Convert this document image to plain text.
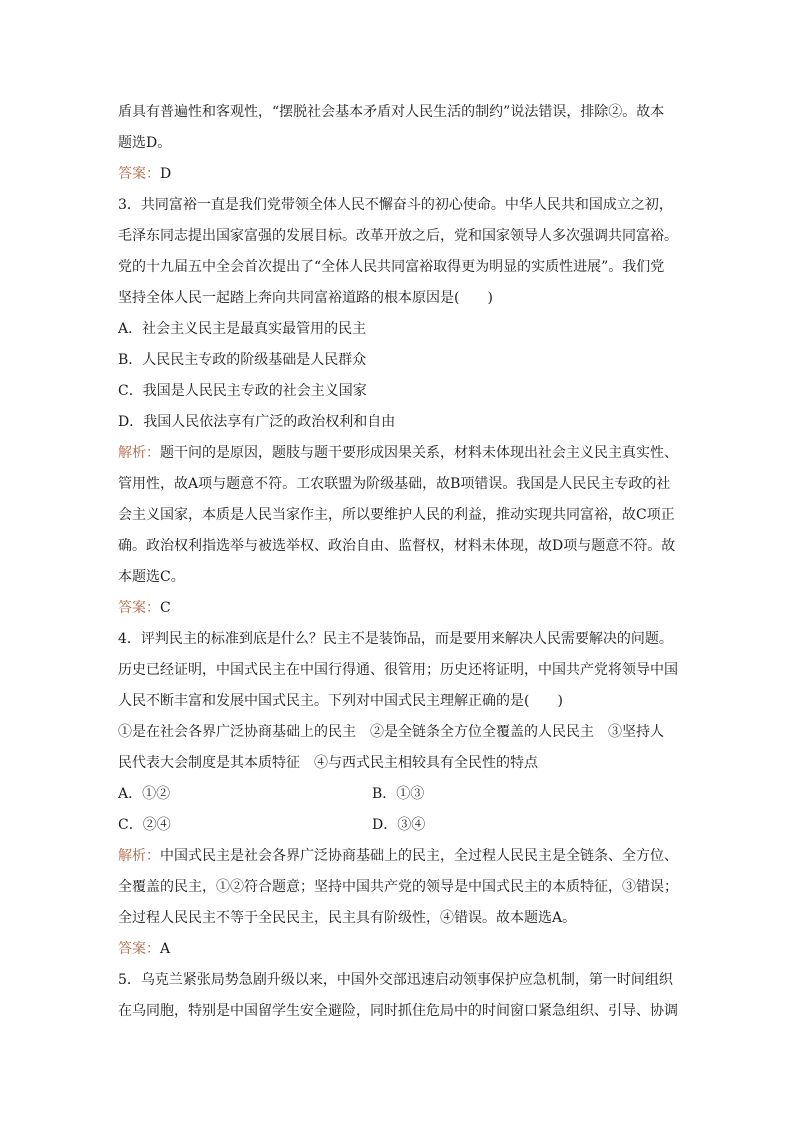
盾具有普遍性和客观性，“摆脱社会基本矛盾对人民生活的制约”说法错误，排除②。故本
题选D。
答案：D
3．共同富裕一直是我们党带领全体人民不懈奋斗的初心使命。中华人民共和国成立之初，
毛泽东同志提出国家富强的发展目标。改革开放之后，党和国家领导人多次强调共同富裕。
党的十九届五中全会首次提出了“全体人民共同富裕取得更为明显的实质性进展”。我们党
坚持全体人民一起踏上奔向共同富裕道路的根本原因是(　　)
A．社会主义民主是最真实最管用的民主
B．人民民主专政的阶级基础是人民群众
C．我国是人民民主专政的社会主义国家
D．我国人民依法享有广泛的政治权利和自由
解析：题干问的是原因，题肢与题干要形成因果关系，材料未体现出社会主义民主真实性、
管用性，故A项与题意不符。工农联盟为阶级基础，故B项错误。我国是人民民主专政的社
会主义国家，本质是人民当家作主，所以要维护人民的利益，推动实现共同富裕，故C项正
确。政治权利指选举与被选举权、政治自由、监督权，材料未体现，故D项与题意不符。故
本题选C。
答案：C
4．评判民主的标准到底是什么？民主不是装饰品，而是要用来解决人民需要解决的问题。
历史已经证明，中国式民主在中国行得通、很管用；历史还将证明，中国共产党将领导中国
人民不断丰富和发展中国式民主。下列对中国式民主理解正确的是(　　)
①是在社会各界广泛协商基础上的民主　②是全链条全方位全覆盖的人民民主　③坚持人
民代表大会制度是其本质特征　④与西式民主相较具有全民性的特点
A．①②	B．①③
C．②④	D．③④
解析：中国式民主是社会各界广泛协商基础上的民主，全过程人民民主是全链条、全方位、
全覆盖的民主，①②符合题意；坚持中国共产党的领导是中国式民主的本质特征，③错误；
全过程人民民主不等于全民民主，民主具有阶级性，④错误。故本题选A。
答案：A
5．乌克兰紧张局势急剧升级以来，中国外交部迅速启动领事保护应急机制，第一时间组织
在乌同胞，特别是中国留学生安全避险，同时抓住危局中的时间窗口紧急组织、引导、协调
